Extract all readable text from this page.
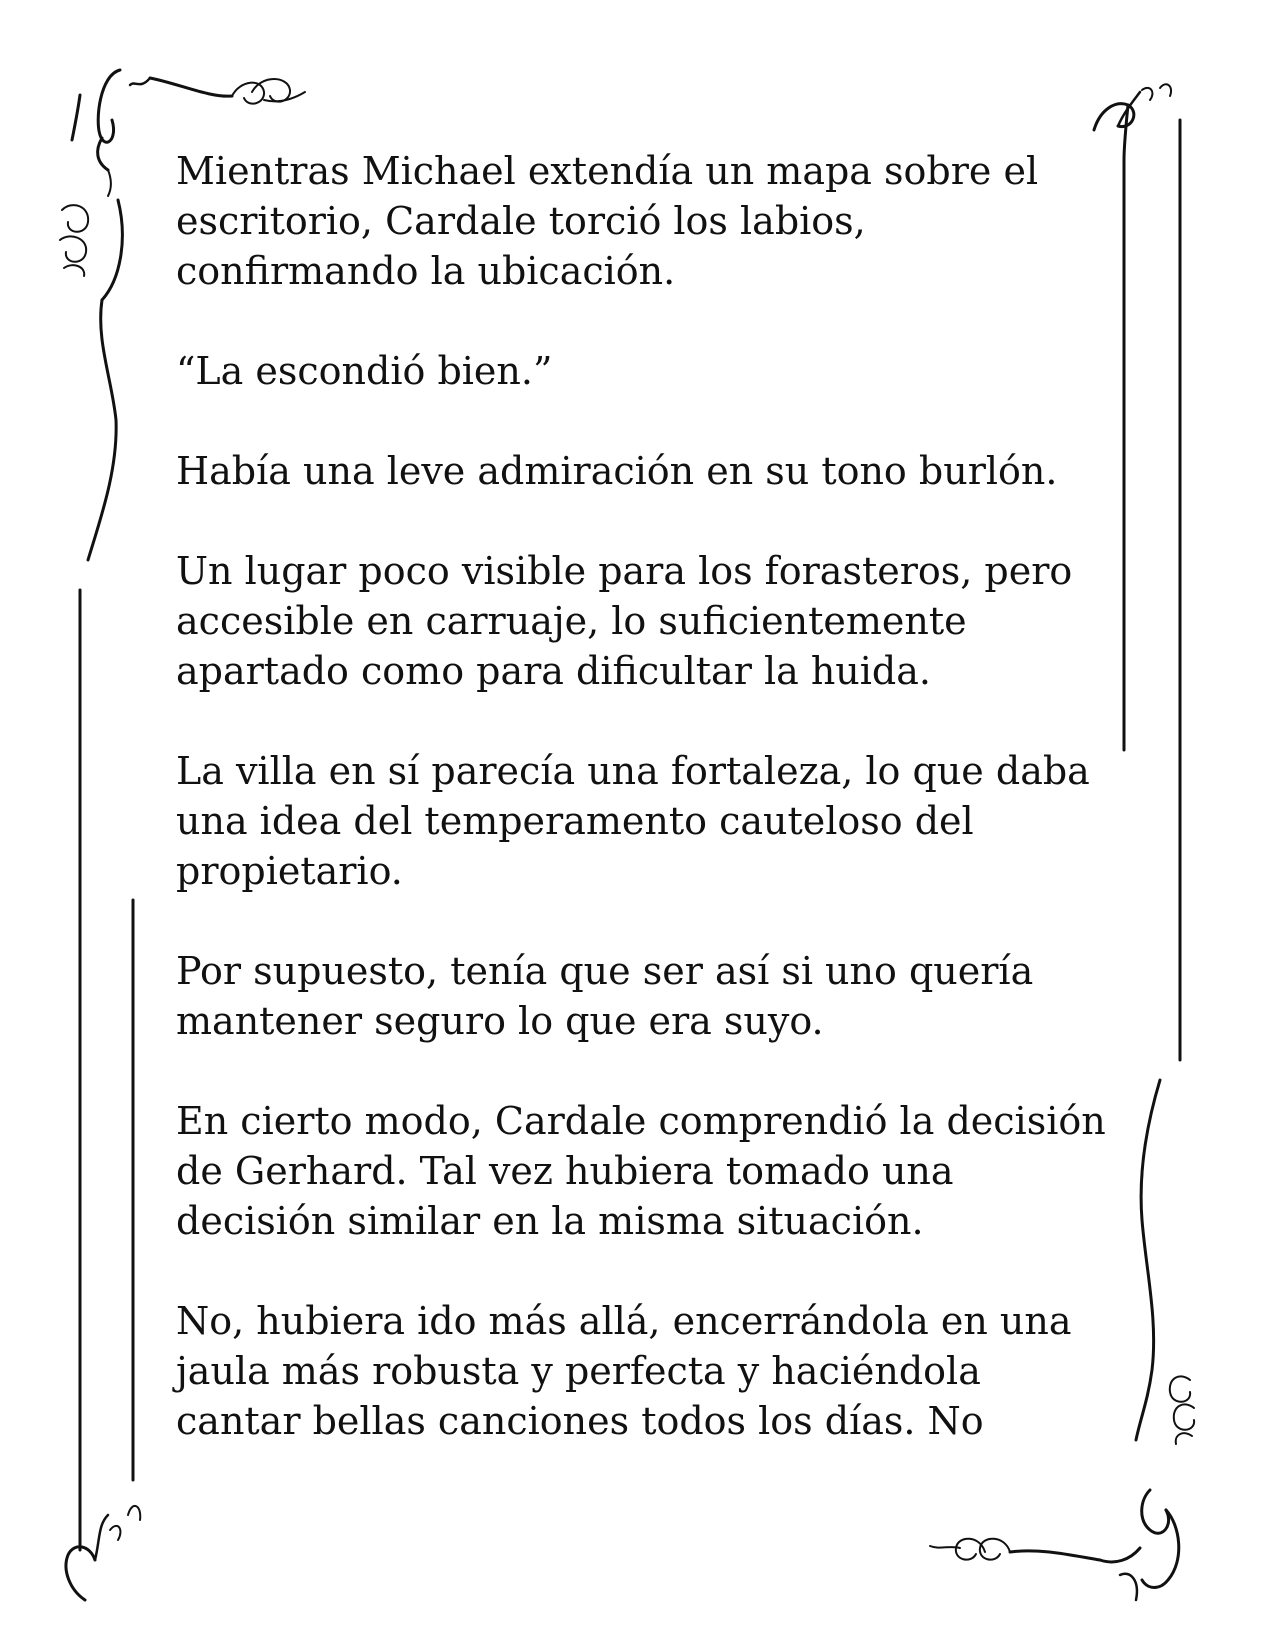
Mientras Michael extendía un mapa sobre el
escritorio, Cardale torció los labios,
confirmando la ubicación.

“La escondió bien.”

Había una leve admiración en su tono burlón.

Un lugar poco visible para los forasteros, pero
accesible en carruaje, lo suficientemente
apartado como para dificultar la huida.

La villa en sí parecía una fortaleza, lo que daba
una idea del temperamento cauteloso del
propietario.

Por supuesto, tenía que ser así si uno quería
mantener seguro lo que era suyo.

En cierto modo, Cardale comprendió la decisión
de Gerhard. Tal vez hubiera tomado una
decisión similar en la misma situación.

No, hubiera ido más allá, encerrándola en una
jaula más robusta y perfecta y haciéndola
cantar bellas canciones todos los días. No
